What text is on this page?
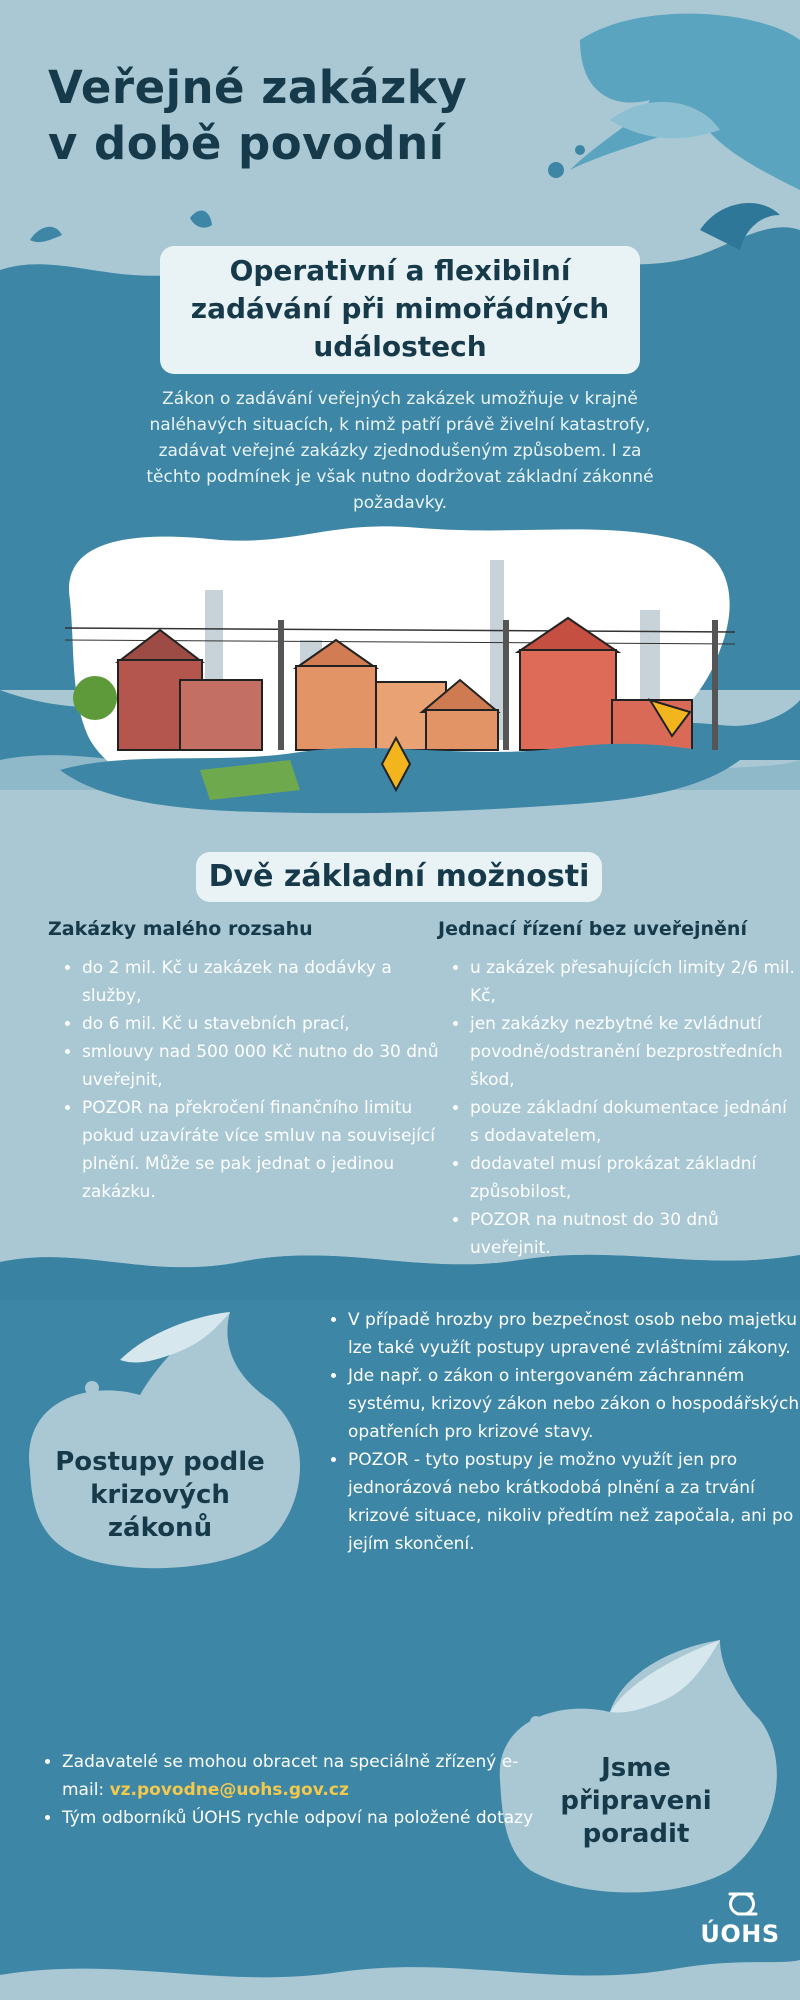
Veřejné zakázky
v době povodní
Operativní a flexibilní zadávání při mimořádných událostech
Zákon o zadávání veřejných zakázek umožňuje v krajně naléhavých situacích, k nimž patří právě živelní katastrofy, zadávat veřejné zakázky zjednodušeným způsobem. I za těchto podmínek je však nutno dodržovat základní zákonné požadavky.
Dvě základní možnosti
Zakázky malého rozsahu
• do 2 mil. Kč u zakázek na dodávky a služby,
• do 6 mil. Kč u stavebních prací,
• smlouvy nad 500 000 Kč nutno do 30 dnů uveřejnit,
• POZOR na překročení finančního limitu pokud uzavíráte více smluv na související plnění. Může se pak jednat o jedinou zakázku.
Jednací řízení bez uveřejnění
• u zakázek přesahujících limity 2/6 mil. Kč,
• jen zakázky nezbytné ke zvládnutí povodně/odstranění bezprostředních škod,
• pouze základní dokumentace jednání s dodavatelem,
• dodavatel musí prokázat základní způsobilost,
• POZOR na nutnost do 30 dnů uveřejnit.
Postupy podle krizových zákonů
• V případě hrozby pro bezpečnost osob nebo majetku lze také využít postupy upravené zvláštními zákony.
• Jde např. o zákon o intergovaném záchranném systému, krizový zákon nebo zákon o hospodářských opatřeních pro krizové stavy.
• POZOR - tyto postupy je možno využít jen pro jednorázová nebo krátkodobá plnění a za trvání krizové situace, nikoliv předtím než započala, ani po jejím skončení.
• Zadavatelé se mohou obracet na speciálně zřízený e-mail: vz.povodne@uohs.gov.cz
• Tým odborníků ÚOHS rychle odpoví na položené dotazy
Jsme připraveni poradit
ÚOHS
